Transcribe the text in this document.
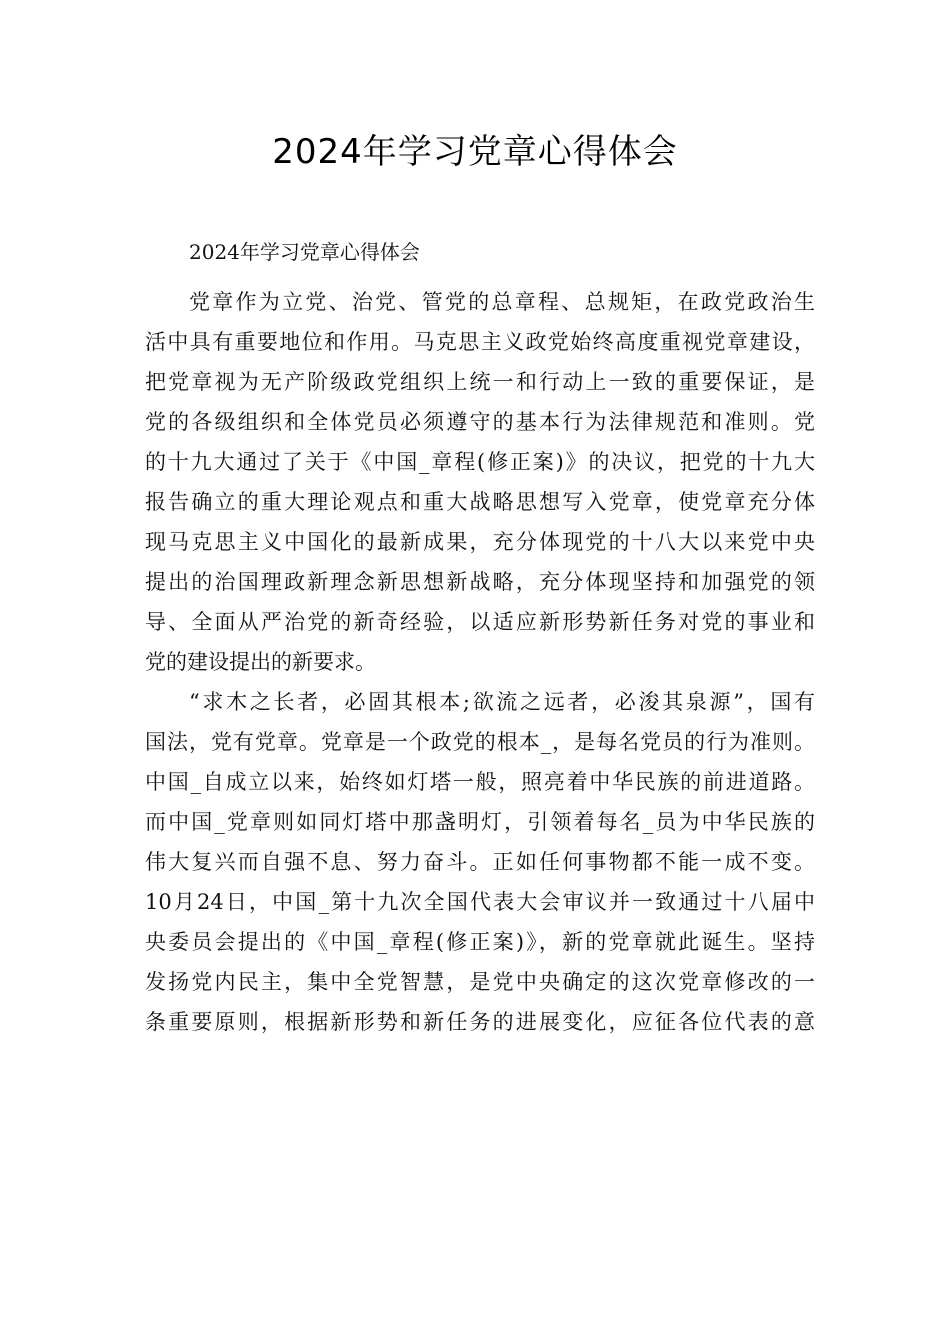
2024年学习党章心得体会

2024年学习党章心得体会

党章作为立党、治党、管党的总章程、总规矩，在政党政治生
活中具有重要地位和作用。马克思主义政党始终高度重视党章建设，
把党章视为无产阶级政党组织上统一和行动上一致的重要保证，是
党的各级组织和全体党员必须遵守的基本行为法律规范和准则。党
的十九大通过了关于《中国_章程(修正案)》的决议，把党的十九大
报告确立的重大理论观点和重大战略思想写入党章，使党章充分体
现马克思主义中国化的最新成果，充分体现党的十八大以来党中央
提出的治国理政新理念新思想新战略，充分体现坚持和加强党的领
导、全面从严治党的新奇经验，以适应新形势新任务对党的事业和
党的建设提出的新要求。

“求木之长者，必固其根本;欲流之远者，必浚其泉源”，国有
国法，党有党章。党章是一个政党的根本_，是每名党员的行为准则。
中国_自成立以来，始终如灯塔一般，照亮着中华民族的前进道路。
而中国_党章则如同灯塔中那盏明灯，引领着每名_员为中华民族的
伟大复兴而自强不息、努力奋斗。正如任何事物都不能一成不变。
10月24日，中国_第十九次全国代表大会审议并一致通过十八届中
央委员会提出的《中国_章程(修正案)》，新的党章就此诞生。坚持
发扬党内民主，集中全党智慧，是党中央确定的这次党章修改的一
条重要原则，根据新形势和新任务的进展变化，应征各位代表的意
